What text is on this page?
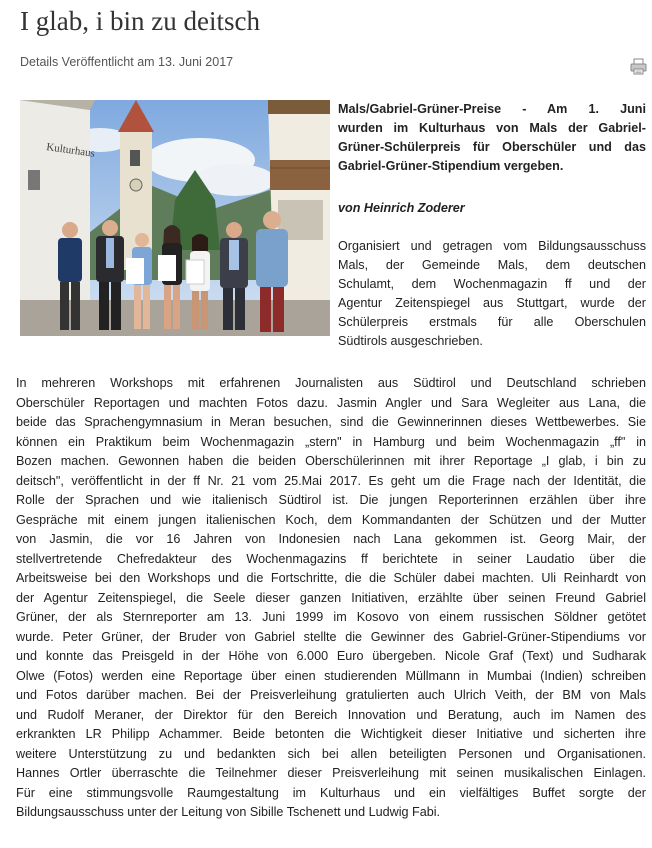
I glab, i bin zu deitsch
Details Veröffentlicht am 13. Juni 2017
Kulturhaus
Mals/Gabriel-Grüner-Preise - Am 1. Juni
wurden im Kulturhaus von Mals der Gabriel-
Grüner-Schülerpreis für Oberschüler und das
Gabriel-Grüner-Stipendium vergeben.
von Heinrich Zoderer
Organisiert und getragen vom Bildungsausschuss
Mals, der Gemeinde Mals, dem deutschen
Schulamt, dem Wochenmagazin ff und der
Agentur Zeitenspiegel aus Stuttgart, wurde der
Schülerpreis erstmals für alle Oberschulen
Südtirols ausgeschrieben.
In mehreren Workshops mit erfahrenen Journalisten aus Südtirol und Deutschland schrieben
Oberschüler Reportagen und machten Fotos dazu. Jasmin Angler und Sara Wegleiter aus Lana, die
beide das Sprachengymnasium in Meran besuchen, sind die Gewinnerinnen dieses Wettbewerbes. Sie
können ein Praktikum beim Wochenmagazin „stern" in Hamburg und beim Wochenmagazin „ff" in
Bozen machen. Gewonnen haben die beiden Oberschülerinnen mit ihrer Reportage „I glab, i bin zu
deitsch", veröffentlicht in der ff Nr. 21 vom 25.Mai 2017. Es geht um die Frage nach der Identität, die
Rolle der Sprachen und wie italienisch Südtirol ist. Die jungen Reporterinnen erzählen über ihre
Gespräche mit einem jungen italienischen Koch, dem Kommandanten der Schützen und der Mutter
von Jasmin, die vor 16 Jahren von Indonesien nach Lana gekommen ist. Georg Mair, der
stellvertretende Chefredakteur des Wochenmagazins ff berichtete in seiner Laudatio über die
Arbeitsweise bei den Workshops und die Fortschritte, die die Schüler dabei machten. Uli Reinhardt von
der Agentur Zeitenspiegel, die Seele dieser ganzen Initiativen, erzählte über seinen Freund Gabriel
Grüner, der als Sternreporter am 13. Juni 1999 im Kosovo von einem russischen Söldner getötet
wurde. Peter Grüner, der Bruder von Gabriel stellte die Gewinner des Gabriel-Grüner-Stipendiums vor
und konnte das Preisgeld in der Höhe von 6.000 Euro übergeben. Nicole Graf (Text) und Sudharak
Olwe (Fotos) werden eine Reportage über einen studierenden Müllmann in Mumbai (Indien) schreiben
und Fotos darüber machen. Bei der Preisverleihung gratulierten auch Ulrich Veith, der BM von Mals
und Rudolf Meraner, der Direktor für den Bereich Innovation und Beratung, auch im Namen des
erkrankten LR Philipp Achammer. Beide betonten die Wichtigkeit dieser Initiative und sicherten ihre
weitere Unterstützung zu und bedankten sich bei allen beteiligten Personen und Organisationen.
Hannes Ortler überraschte die Teilnehmer dieser Preisverleihung mit seinen musikalischen Einlagen.
Für eine stimmungsvolle Raumgestaltung im Kulturhaus und ein vielfältiges Buffet sorgte der
Bildungsausschuss unter der Leitung von Sibille Tschenett und Ludwig Fabi.
